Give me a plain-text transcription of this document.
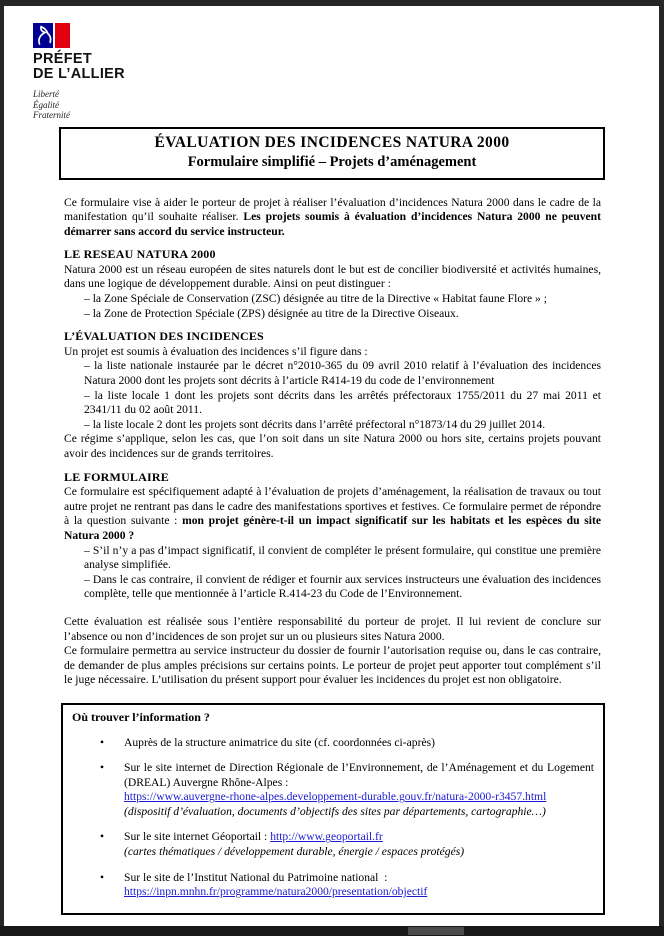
PRÉFET
DE L’ALLIER
Liberté
Égalité
Fraternité
ÉVALUATION DES INCIDENCES NATURA 2000
Formulaire simplifié – Projets d’aménagement

Ce formulaire vise à aider le porteur de projet à réaliser l’évaluation d’incidences Natura 2000 dans le cadre de la manifestation qu’il souhaite réaliser. Les projets soumis à évaluation d’incidences Natura 2000 ne peuvent démarrer sans accord du service instructeur.

LE RESEAU NATURA 2000

Natura 2000 est un réseau européen de sites naturels dont le but est de concilier biodiversité et activités humaines, dans une logique de développement durable. Ainsi on peut distinguer :

– la Zone Spéciale de Conservation (ZSC) désignée au titre de la Directive « Habitat faune Flore » ;

– la Zone de Protection Spéciale (ZPS) désignée au titre de la Directive Oiseaux.

L’ÉVALUATION DES INCIDENCES

Un projet est soumis à évaluation des incidences s’il figure dans :

– la liste nationale instaurée par le décret n°2010-365 du 09 avril 2010 relatif à l’évaluation des incidences Natura 2000 dont les projets sont décrits à l’article R414-19 du code de l’environnement

– la liste locale 1 dont les projets sont décrits dans les arrêtés préfectoraux 1755/2011 du 27 mai 2011 et 2341/11 du 02 août 2011.

– la liste locale 2 dont les projets sont décrits dans l’arrêté préfectoral n°1873/14 du 29 juillet 2014.

Ce régime s’applique, selon les cas, que l’on soit dans un site Natura 2000 ou hors site, certains projets pouvant avoir des incidences sur de grands territoires.

LE FORMULAIRE

Ce formulaire est spécifiquement adapté à l’évaluation de projets d’aménagement, la réalisation de travaux ou tout autre projet ne rentrant pas dans le cadre des manifestations sportives et festives. Ce formulaire permet de répondre à la question suivante : mon projet génère-t-il un impact significatif sur les habitats et les espèces du site Natura 2000 ?

– S’il n’y a pas d’impact significatif, il convient de compléter le présent formulaire, qui constitue une première analyse simplifiée.

– Dans le cas contraire, il convient de rédiger et fournir aux services instructeurs une évaluation des incidences complète, telle que mentionnée à l’article R.414-23 du Code de l’Environnement.

Cette évaluation est réalisée sous l’entière responsabilité du porteur de projet. Il lui revient de conclure sur l’absence ou non d’incidences de son projet sur un ou plusieurs sites Natura 2000.

Ce formulaire permettra au service instructeur du dossier de fournir l’autorisation requise ou, dans le cas contraire, de demander de plus amples précisions sur certains points. Le porteur de projet peut apporter tout complément s’il le juge nécessaire. L’utilisation du présent support pour évaluer les incidences du projet est non obligatoire.

Où trouver l’information ?
• Auprès de la structure animatrice du site (cf. coordonnées ci-après)
• Sur le site internet de Direction Régionale de l’Environnement, de l’Aménagement et du Logement (DREAL) Auvergne Rhône-Alpes :
https://www.auvergne-rhone-alpes.developpement-durable.gouv.fr/natura-2000-r3457.html
(dispositif d’évaluation, documents d’objectifs des sites par départements, cartographie…)
• Sur le site internet Géoportail : http://www.geoportail.fr
(cartes thématiques / développement durable, énergie / espaces protégés)
• Sur le site de l’Institut National du Patrimoine national  :
https://inpn.mnhn.fr/programme/natura2000/presentation/objectif
